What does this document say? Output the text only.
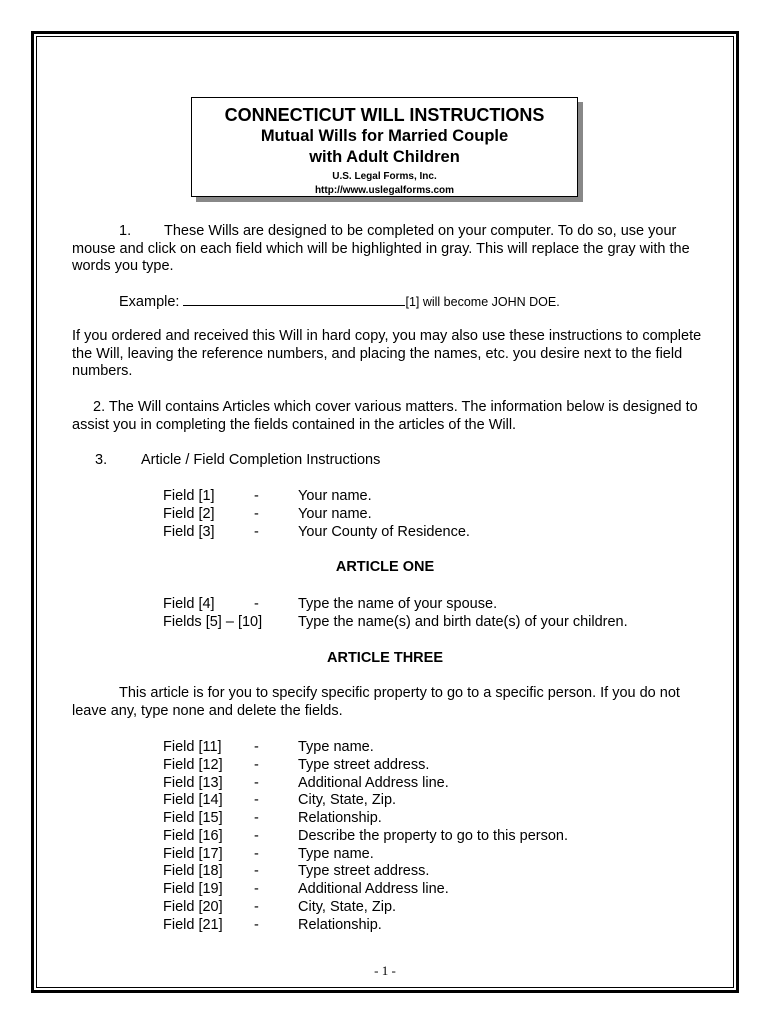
CONNECTICUT WILL INSTRUCTIONS
Mutual Wills for Married Couple
with Adult Children
U.S. Legal Forms, Inc.
http://www.uslegalforms.com
1.	These Wills are designed to be completed on your computer. To do so, use your mouse and click on each field which will be highlighted in gray. This will replace the gray with the words you type.

Example:	[1] will become JOHN DOE.

If you ordered and received this Will in hard copy, you may also use these instructions to complete the Will, leaving the reference numbers, and placing the names, etc. you desire next to the field numbers.

2. The Will contains Articles which cover various matters. The information below is designed to assist you in completing the fields contained in the articles of the Will.

3. Article / Field Completion Instructions
Field [1]	-	Your name.
Field [2]	-	Your name.
Field [3]	-	Your County of Residence.
ARTICLE ONE
Field [4]	-	Type the name of your spouse.
Fields [5] – [10] Type the name(s) and birth date(s) of your children.
ARTICLE THREE

This article is for you to specify specific property to go to a specific person. If you do not leave any, type none and delete the fields.

Field [11] -	Type name.
Field [12] -	Type street address.
Field [13] -	Additional Address line.
Field [14] -	City, State, Zip.
Field [15] -	Relationship.
Field [16] -	Describe the property to go to this person.
Field [17] -	Type name.
Field [18] -	Type street address.
Field [19] -	Additional Address line.
Field [20] -	City, State, Zip.
Field [21] -	Relationship.
- 1 -
